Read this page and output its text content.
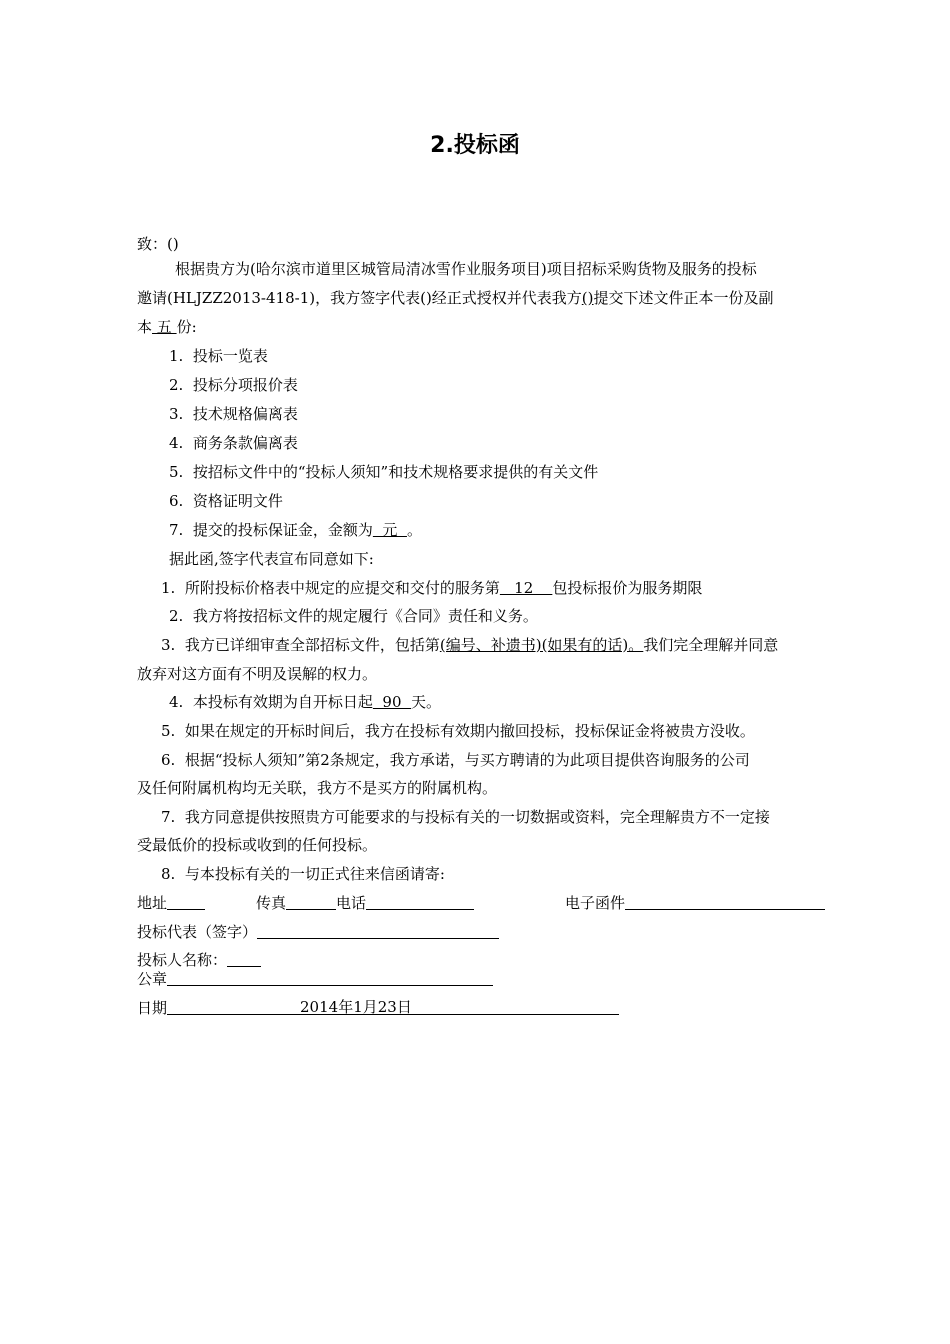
2.投标函
致：()
根据贵方为(哈尔滨市道里区城管局清冰雪作业服务项目)项目招标采购货物及服务的投标
邀请(HLJZZ2013-418-1)，我方签字代表()经正式授权并代表我方()提交下述文件正本一份及副
本 五 份:
1. 投标一览表
2. 投标分项报价表
3. 技术规格偏离表
4. 商务条款偏离表
5. 按招标文件中的“投标人须知”和技术规格要求提供的有关文件
6. 资格证明文件
7. 提交的投标保证金，金额为  元  。
据此函,签字代表宣布同意如下:
1. 所附投标价格表中规定的应提交和交付的服务第   12    包投标报价为服务期限
2. 我方将按招标文件的规定履行《合同》责任和义务。
3. 我方已详细审查全部招标文件，包括第(编号、补遗书)(如果有的话)。我们完全理解并同意
放弃对这方面有不明及误解的权力。
4. 本投标有效期为自开标日起  90  天。
5. 如果在规定的开标时间后，我方在投标有效期内撤回投标，投标保证金将被贵方没收。
6. 根据“投标人须知”第2条规定，我方承诺，与买方聘请的为此项目提供咨询服务的公司
及任何附属机构均无关联，我方不是买方的附属机构。
7. 我方同意提供按照贵方可能要求的与投标有关的一切数据或资料，完全理解贵方不一定接
受最低价的投标或收到的任何投标。
8. 与本投标有关的一切正式往来信函请寄:
地址	传真	电话	电子函件
投标代表（签字）
投标人名称：
公章
日期	2014年1月23日
